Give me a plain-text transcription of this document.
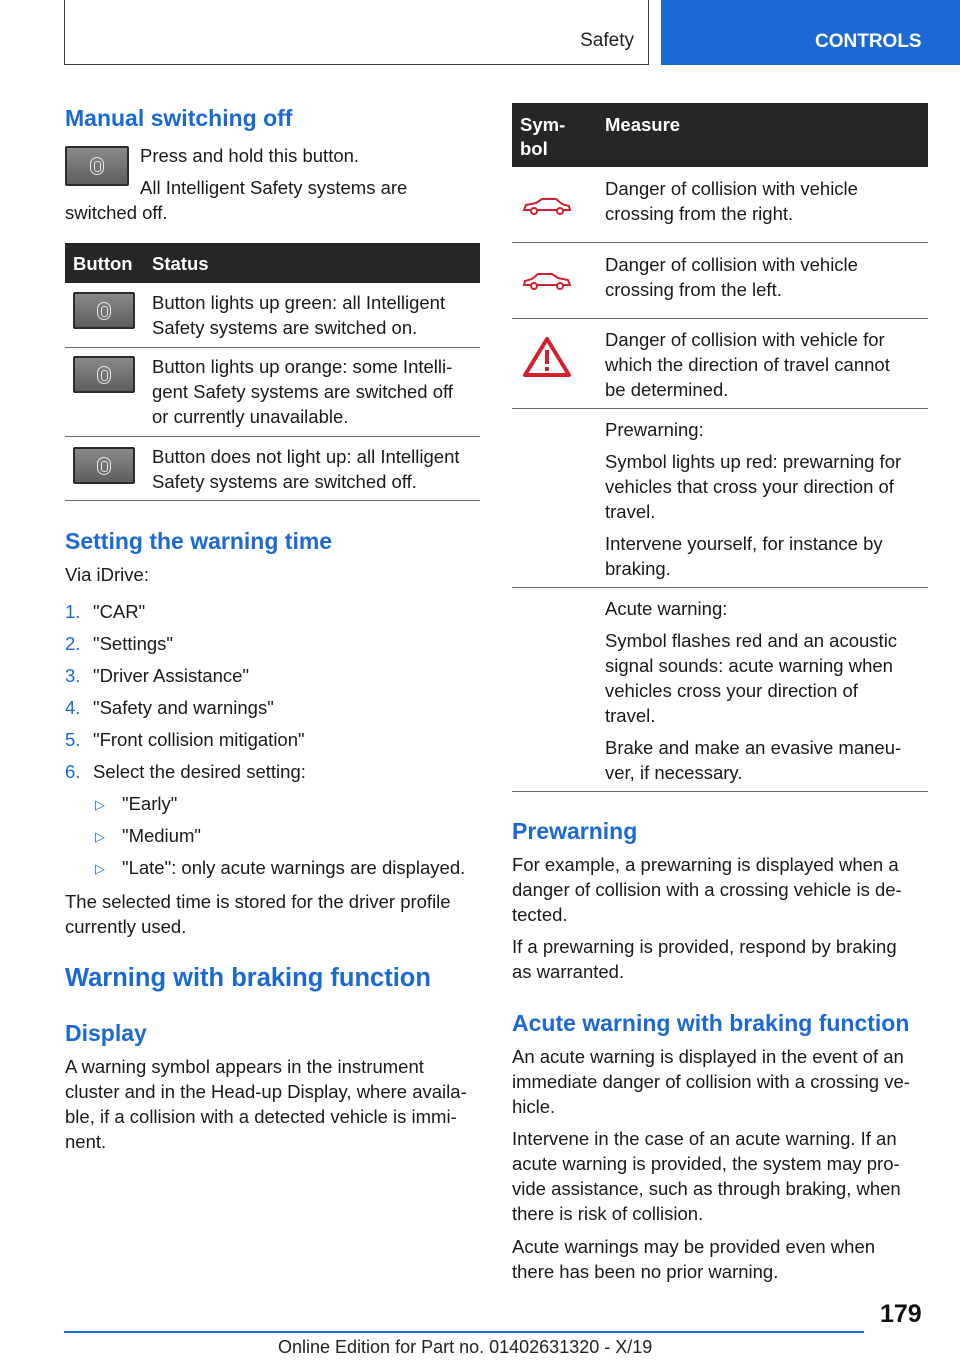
Safety	CONTROLS
Manual switching off
Press and hold this button.
All Intelligent Safety systems are
switched off.
Button Status
Button lights up green: all Intelligent
Safety systems are switched on.
Button lights up orange: some Intelli-
gent Safety systems are switched off
or currently unavailable.
Button does not light up: all Intelligent
Safety systems are switched off.
Setting the warning time
Via iDrive:
1. "CAR"
2. "Settings"
3. "Driver Assistance"
4. "Safety and warnings"
5. "Front collision mitigation"
6. Select the desired setting:
▷ "Early"
▷ "Medium"
▷ "Late": only acute warnings are displayed.
The selected time is stored for the driver profile
currently used.
Warning with braking function
Display
A warning symbol appears in the instrument
cluster and in the Head-up Display, where availa-
ble, if a collision with a detected vehicle is immi-
nent.
Sym-
bol
Measure
Danger of collision with vehicle
crossing from the right.
Danger of collision with vehicle
crossing from the left.
Danger of collision with vehicle for
which the direction of travel cannot
be determined.
Prewarning:
Symbol lights up red: prewarning for
vehicles that cross your direction of
travel.
Intervene yourself, for instance by
braking.
Acute warning:
Symbol flashes red and an acoustic
signal sounds: acute warning when
vehicles cross your direction of
travel.
Brake and make an evasive maneu-
ver, if necessary.
Prewarning
For example, a prewarning is displayed when a
danger of collision with a crossing vehicle is de-
tected.
If a prewarning is provided, respond by braking
as warranted.
Acute warning with braking function
An acute warning is displayed in the event of an
immediate danger of collision with a crossing ve-
hicle.
Intervene in the case of an acute warning. If an
acute warning is provided, the system may pro-
vide assistance, such as through braking, when
there is risk of collision.
Acute warnings may be provided even when
there has been no prior warning.
179
Online Edition for Part no. 01402631320 - X/19
